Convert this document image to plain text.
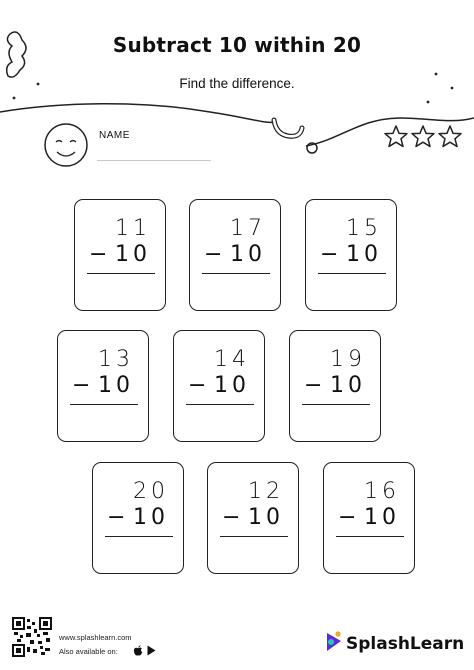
Subtract 10 within 20
Find the difference.
NAME
11
− 10
17
− 10
15
− 10
13
− 10
14
− 10
19
− 10
20
− 10
12
− 10
16
− 10
www.splashlearn.com
Also available on:	SplashLearn
